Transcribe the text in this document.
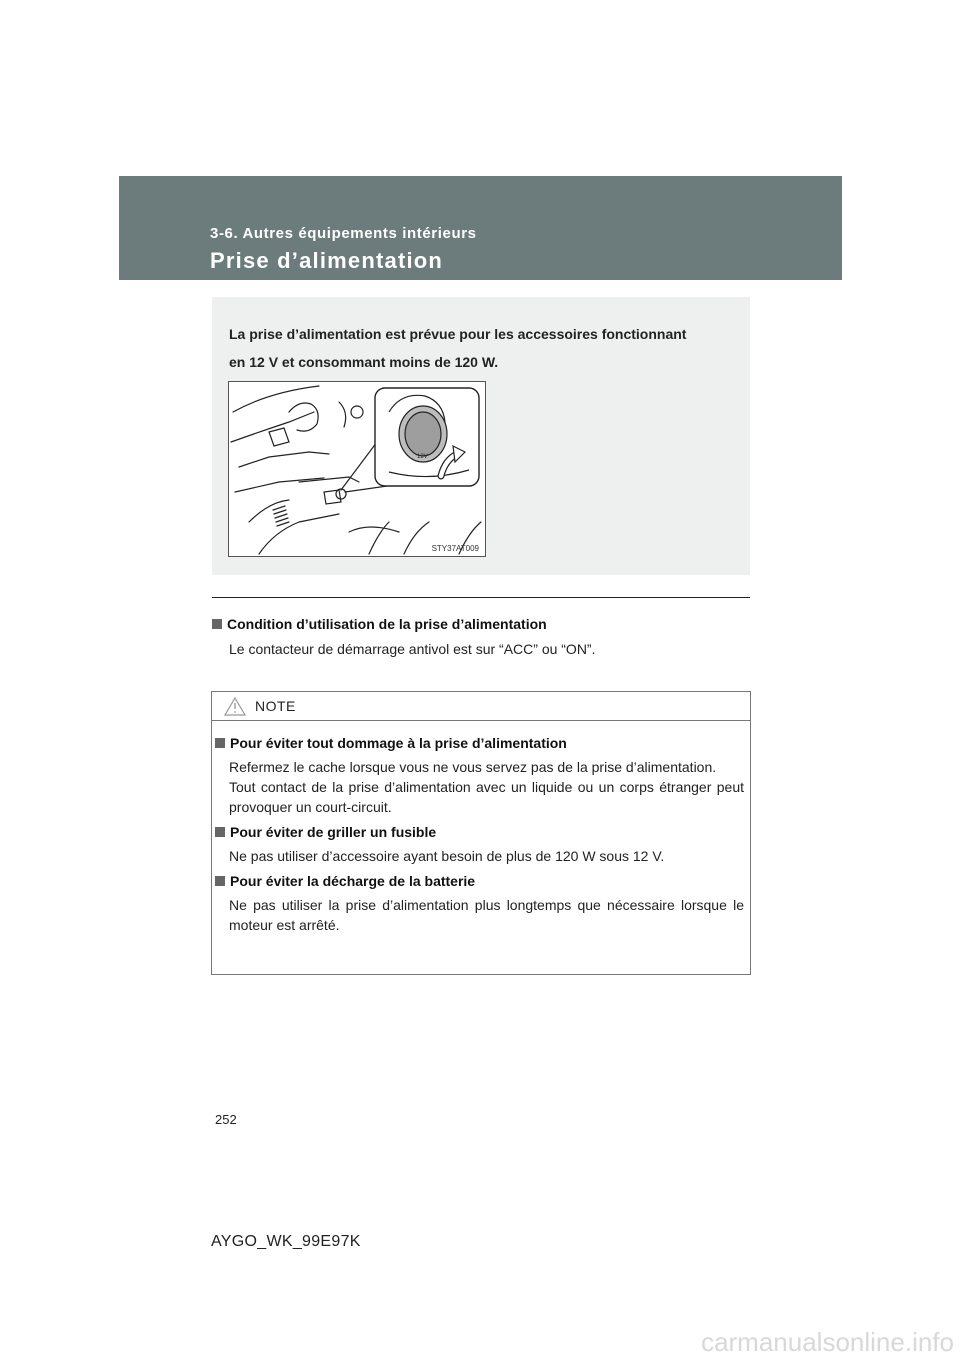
3-6. Autres équipements intérieurs
Prise d’alimentation
La prise d’alimentation est prévue pour les accessoires fonctionnant
en 12 V et consommant moins de 120 W.
12V
STY37AT009
Condition d’utilisation de la prise d’alimentation
Le contacteur de démarrage antivol est sur “ACC” ou “ON”.
NOTE

Pour éviter tout dommage à la prise d’alimentation

Refermez le cache lorsque vous ne vous servez pas de la prise d’alimentation.

Tout contact de la prise d’alimentation avec un liquide ou un corps étranger peut provoquer un court-circuit.

Pour éviter de griller un fusible

Ne pas utiliser d’accessoire ayant besoin de plus de 120 W sous 12 V.

Pour éviter la décharge de la batterie

Ne pas utiliser la prise d’alimentation plus longtemps que nécessaire lorsque le moteur est arrêté.

252
AYGO_WK_99E97K
carmanualsonline.info
